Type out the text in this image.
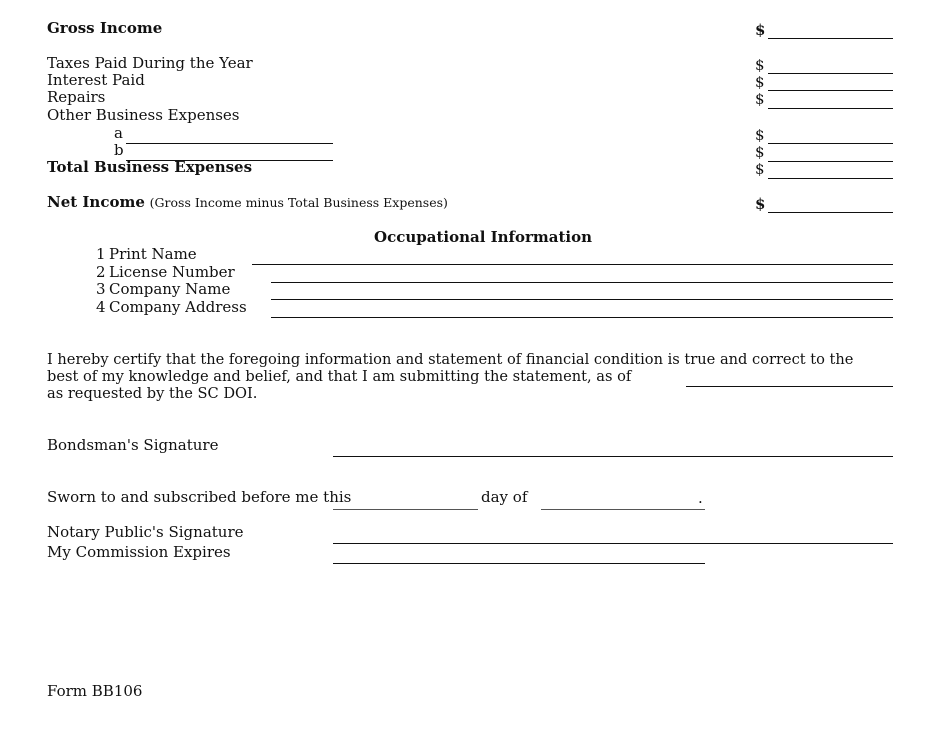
Gross Income	$
Taxes Paid During the Year	$
Interest Paid	$
Repairs	$
Other Business Expenses
a	$
b	$
Total Business Expenses	$
Net Income (Gross Income minus Total Business Expenses)	$
Occupational Information
1 Print Name
2 License Number
3 Company Name
4 Company Address
I hereby certify that the foregoing information and statement of financial condition is true and correct to the
best of my knowledge and belief, and that I am submitting the statement, as of
as requested by the SC DOI.
Bondsman's Signature
Sworn to and subscribed before me this	day of	.
Notary Public's Signature
My Commission Expires
Form BB106
